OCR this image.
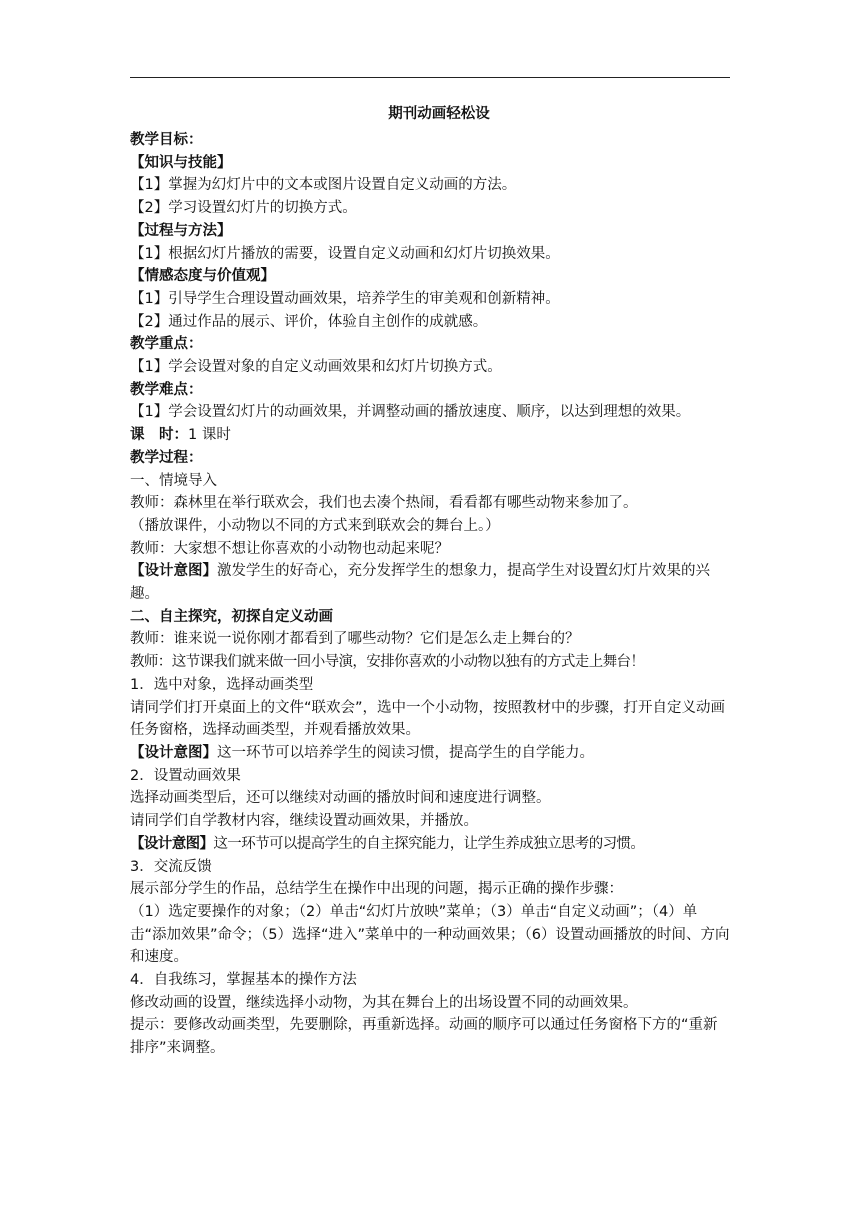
期刊动画轻松设

教学目标：

【知识与技能】

【1】掌握为幻灯片中的文本或图片设置自定义动画的方法。

【2】学习设置幻灯片的切换方式。

【过程与方法】

【1】根据幻灯片播放的需要，设置自定义动画和幻灯片切换效果。

【情感态度与价值观】

【1】引导学生合理设置动画效果，培养学生的审美观和创新精神。

【2】通过作品的展示、评价，体验自主创作的成就感。

教学重点：

【1】学会设置对象的自定义动画效果和幻灯片切换方式。

教学难点：

【1】学会设置幻灯片的动画效果，并调整动画的播放速度、顺序，以达到理想的效果。

课　时：1 课时

教学过程：

一、情境导入

教师：森林里在举行联欢会，我们也去凑个热闹，看看都有哪些动物来参加了。

（播放课件，小动物以不同的方式来到联欢会的舞台上。）

教师：大家想不想让你喜欢的小动物也动起来呢？

【设计意图】激发学生的好奇心，充分发挥学生的想象力，提高学生对设置幻灯片效果的兴趣。

二、自主探究，初探自定义动画

教师：谁来说一说你刚才都看到了哪些动物？它们是怎么走上舞台的？

教师：这节课我们就来做一回小导演，安排你喜欢的小动物以独有的方式走上舞台！

1．选中对象，选择动画类型

请同学们打开桌面上的文件“联欢会”，选中一个小动物，按照教材中的步骤，打开自定义动画任务窗格，选择动画类型，并观看播放效果。

【设计意图】这一环节可以培养学生的阅读习惯，提高学生的自学能力。

2．设置动画效果

选择动画类型后，还可以继续对动画的播放时间和速度进行调整。

请同学们自学教材内容，继续设置动画效果，并播放。

【设计意图】这一环节可以提高学生的自主探究能力，让学生养成独立思考的习惯。

3．交流反馈

展示部分学生的作品，总结学生在操作中出现的问题，揭示正确的操作步骤：

（1）选定要操作的对象；（2）单击“幻灯片放映”菜单；（3）单击“自定义动画”；（4）单击“添加效果”命令；（5）选择“进入”菜单中的一种动画效果；（6）设置动画播放的时间、方向和速度。

4．自我练习，掌握基本的操作方法

修改动画的设置，继续选择小动物，为其在舞台上的出场设置不同的动画效果。

提示：要修改动画类型，先要删除，再重新选择。动画的顺序可以通过任务窗格下方的“重新排序”来调整。
